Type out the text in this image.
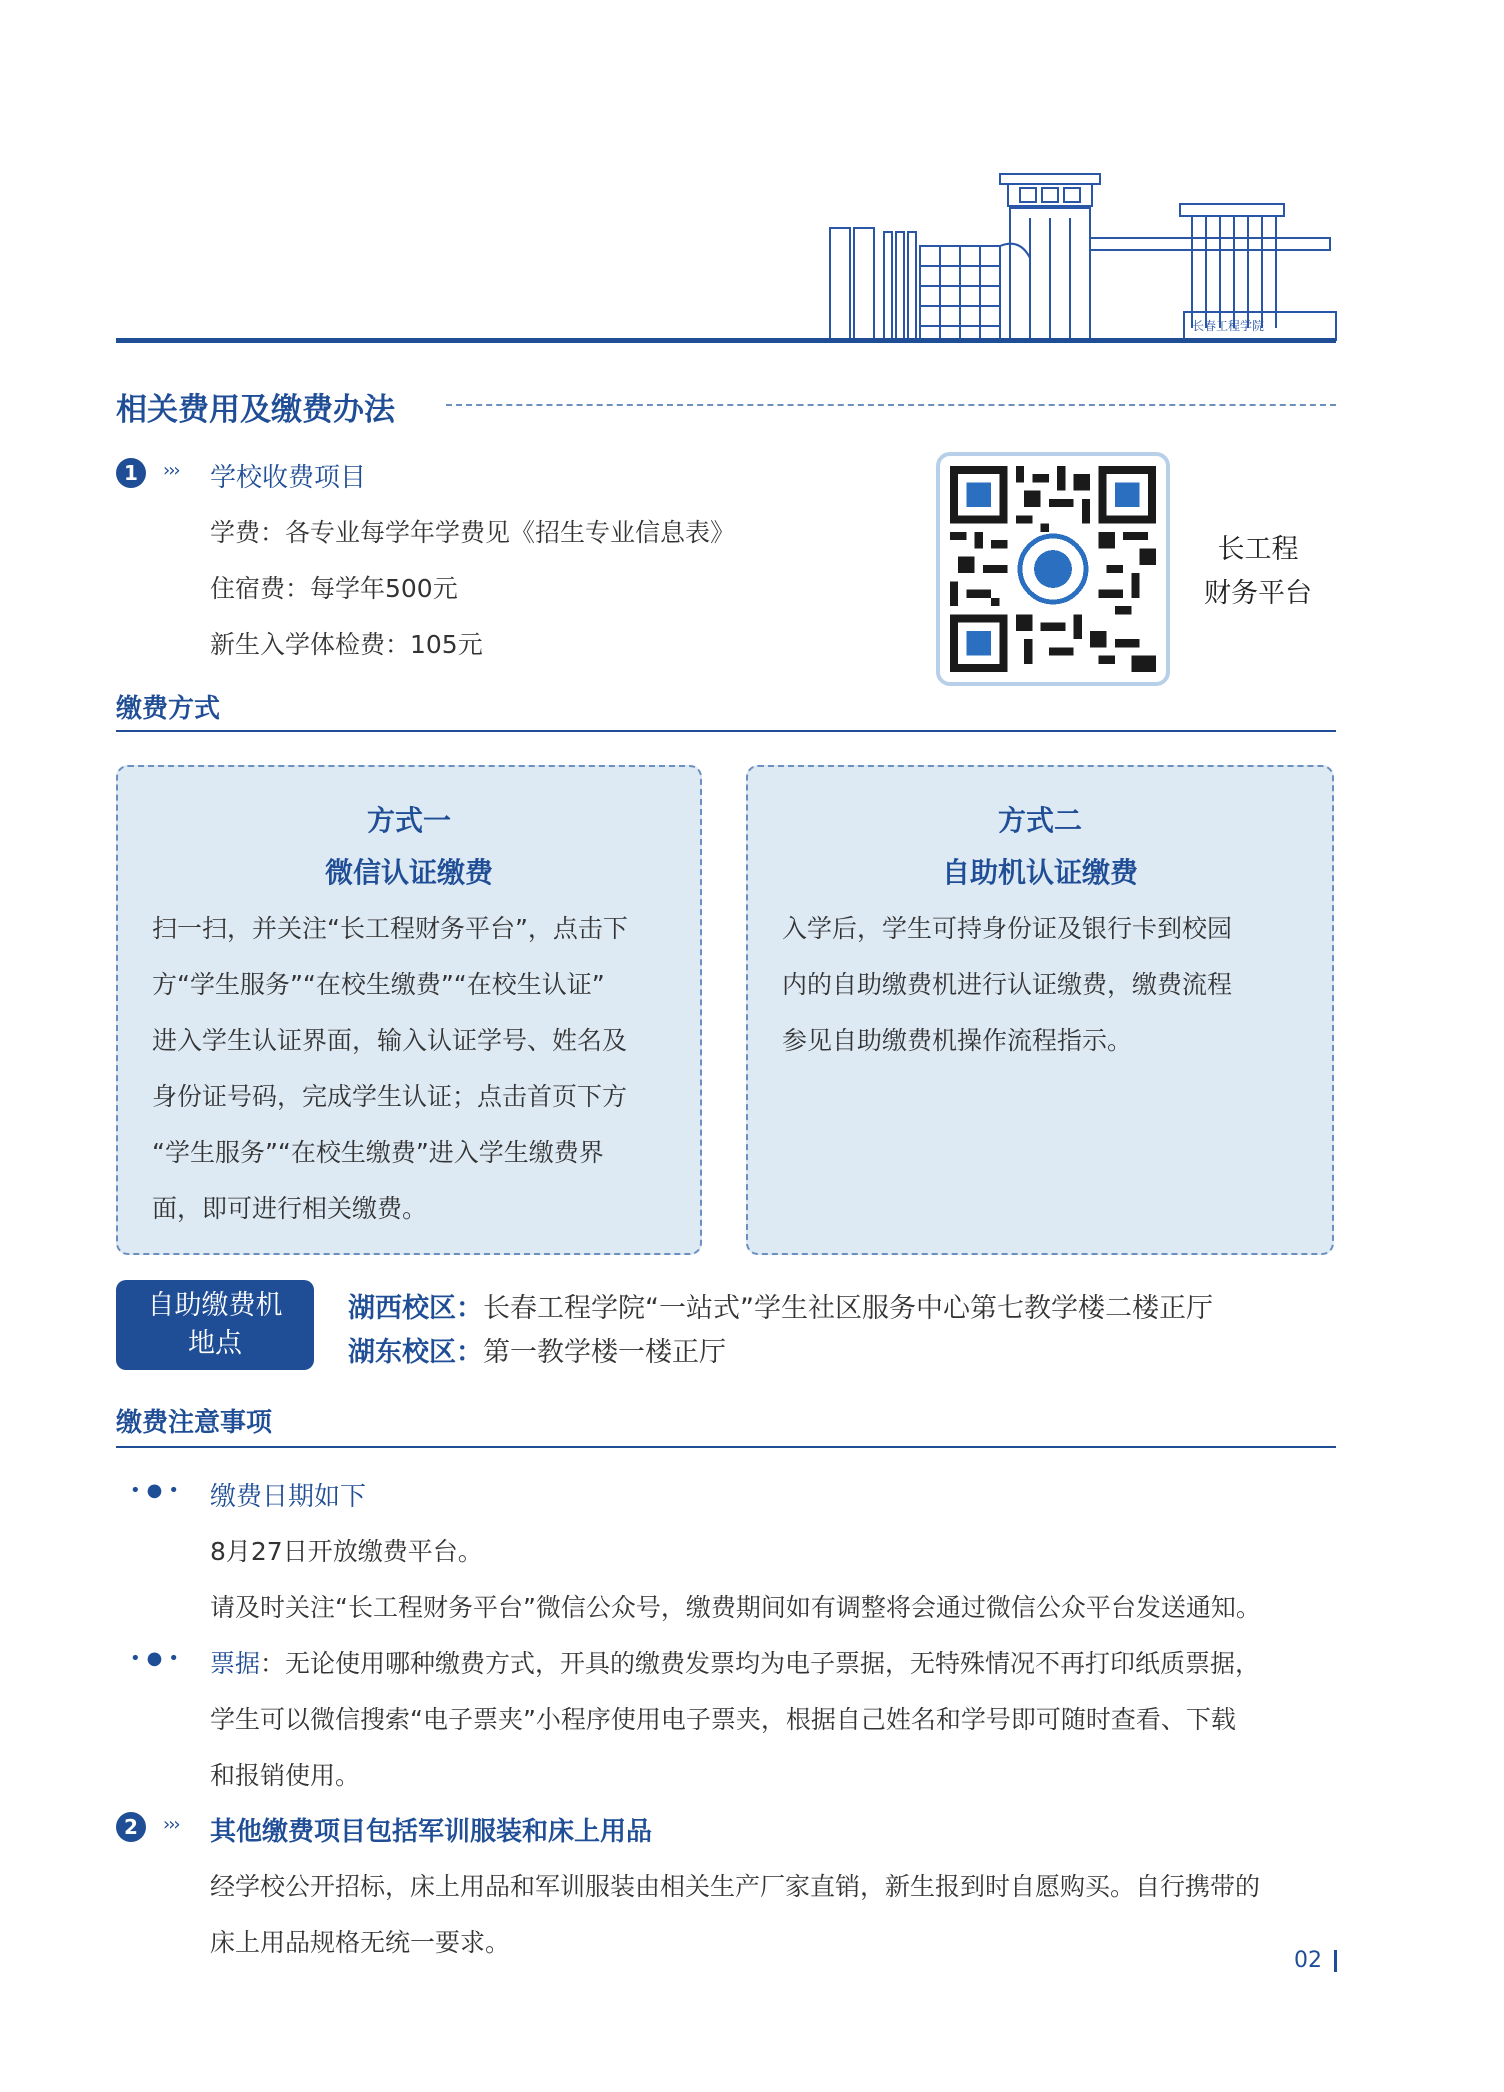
长春工程学院
相关费用及缴费办法
1	››› 学校收费项目
学费：各专业每学年学费见《招生专业信息表》
住宿费：每学年500元
新生入学体检费：105元
长工程
财务平台
缴费方式
方式一
微信认证缴费
扫一扫，并关注“长工程财务平台”，点击下
方“学生服务”“在校生缴费”“在校生认证”
进入学生认证界面，输入认证学号、姓名及
身份证号码，完成学生认证；点击首页下方
“学生服务”“在校生缴费”进入学生缴费界
面，即可进行相关缴费。
方式二
自助机认证缴费
入学后，学生可持身份证及银行卡到校园
内的自助缴费机进行认证缴费，缴费流程
参见自助缴费机操作流程指示。
自助缴费机
地点
湖西校区：长春工程学院“一站式”学生社区服务中心第七教学楼二楼正厅
湖东校区：第一教学楼一楼正厅
缴费注意事项
•●• 缴费日期如下
8月27日开放缴费平台。
请及时关注“长工程财务平台”微信公众号，缴费期间如有调整将会通过微信公众平台发送通知。
•●• 票据：无论使用哪种缴费方式，开具的缴费发票均为电子票据，无特殊情况不再打印纸质票据，
学生可以微信搜索“电子票夹”小程序使用电子票夹，根据自己姓名和学号即可随时查看、下载
和报销使用。
2	››› 其他缴费项目包括军训服装和床上用品
经学校公开招标，床上用品和军训服装由相关生产厂家直销，新生报到时自愿购买。自行携带的
床上用品规格无统一要求。
02
